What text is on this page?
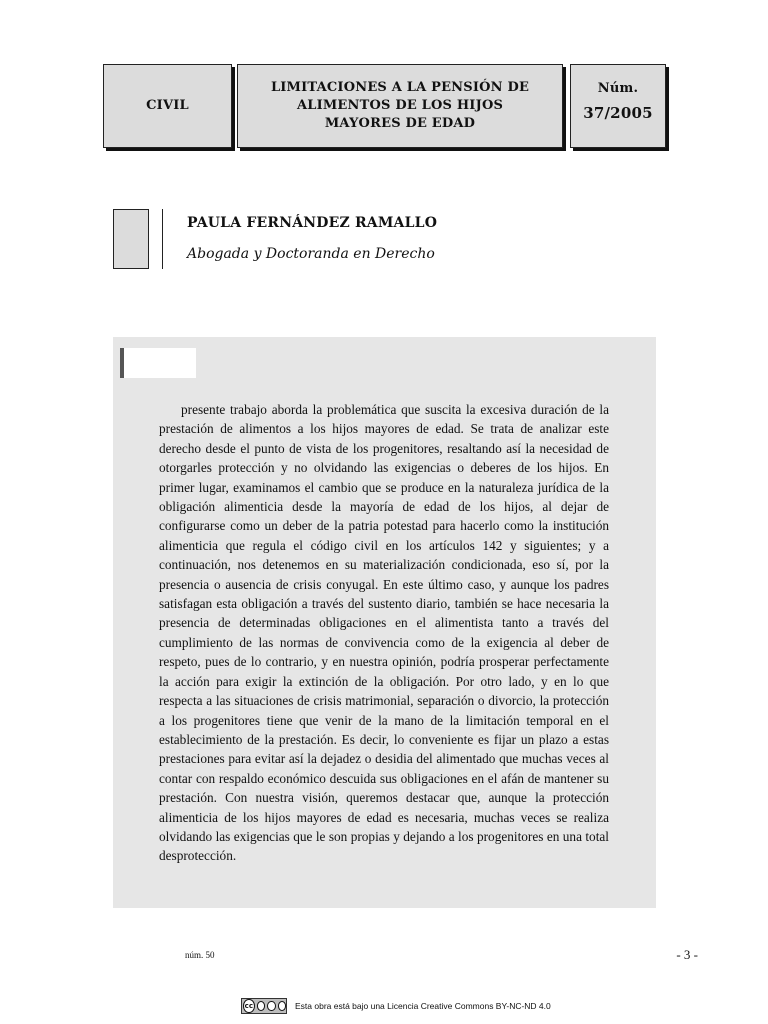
CIVIL
LIMITACIONES A LA PENSIÓN DE
ALIMENTOS DE LOS HIJOS
MAYORES DE EDAD
Núm.
37/2005
PAULA FERNÁNDEZ RAMALLO
Abogada y Doctoranda en Derecho

presente trabajo aborda la problemática que suscita la excesiva duración de la prestación de alimentos a los hijos mayores de edad. Se trata de analizar este derecho desde el punto de vista de los progenitores, resaltando así la necesidad de otorgarles protección y no olvidando las exigencias o deberes de los hijos. En primer lugar, examinamos el cambio que se produce en la naturaleza jurídica de la obligación alimenticia desde la mayoría de edad de los hijos, al dejar de configurarse como un deber de la patria potestad para hacerlo como la institución alimenticia que regula el código civil en los artículos 142 y siguientes; y a continuación, nos detenemos en su materialización condicionada, eso sí, por la presencia o ausencia de crisis conyugal. En este último caso, y aunque los padres satisfagan esta obligación a través del sustento diario, también se hace necesaria la presencia de determinadas obligaciones en el alimentista tanto a través del cumplimiento de las normas de convivencia como de la exigencia al deber de respeto, pues de lo contrario, y en nuestra opinión, podría prosperar perfectamente la acción para exigir la extinción de la obligación. Por otro lado, y en lo que respecta a las situaciones de crisis matrimonial, separación o divorcio, la protección a los progenitores tiene que venir de la mano de la limitación temporal en el establecimiento de la prestación. Es decir, lo conveniente es fijar un plazo a estas prestaciones para evitar así la dejadez o desidia del alimentado que muchas veces al contar con respaldo económico descuida sus obligaciones en el afán de mantener su prestación. Con nuestra visión, queremos destacar que, aunque la protección alimenticia de los hijos mayores de edad es necesaria, muchas veces se realiza olvidando las exigencias que le son propias y dejando a los progenitores en una total desprotección.

núm. 50	- 3 -
cc	Esta obra está bajo una Licencia Creative Commons BY-NC-ND 4.0
